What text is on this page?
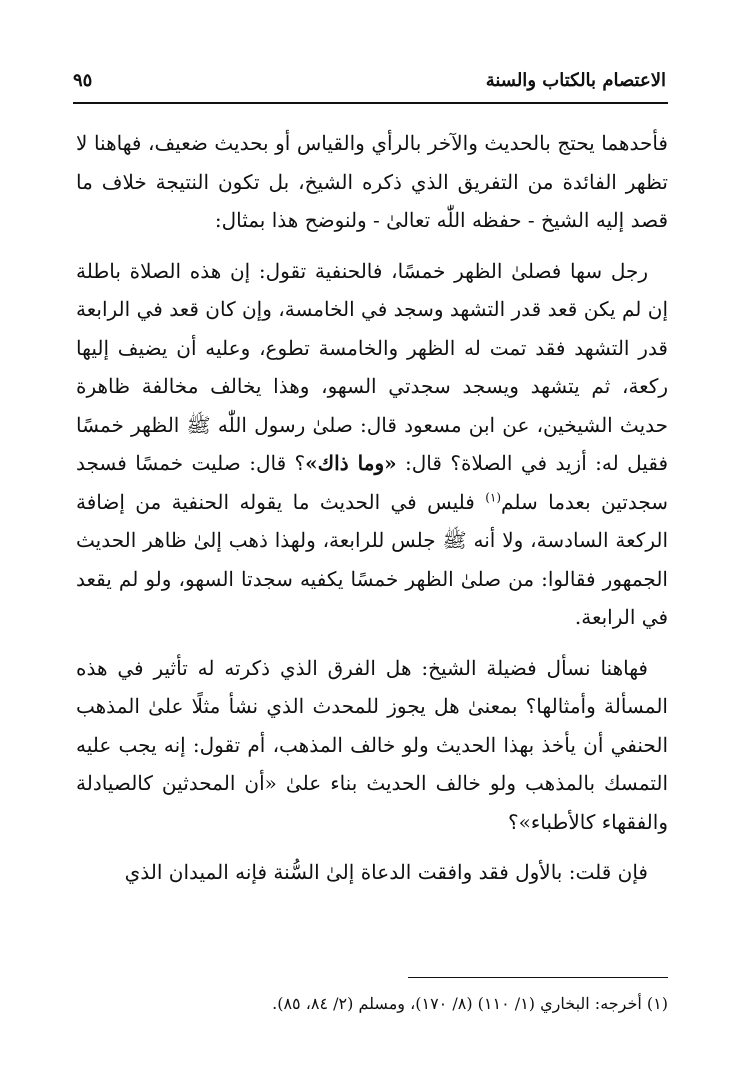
الاعتصام بالكتاب والسنة
٩٥

فأحدهما يحتج بالحديث والآخر بالرأي والقياس أو بحديث ضعيف، فهاهنا لا تظهر الفائدة من التفريق الذي ذكره الشيخ، بل تكون النتيجة خلاف ما قصد إليه الشيخ - حفظه اللّٰه تعالىٰ - ولنوضح هذا بمثال:

رجل سها فصلىٰ الظهر خمسًا، فالحنفية تقول: إن هذه الصلاة باطلة إن لم يكن قعد قدر التشهد وسجد في الخامسة، وإن كان قعد في الرابعة قدر التشهد فقد تمت له الظهر والخامسة تطوع، وعليه أن يضيف إليها ركعة، ثم يتشهد ويسجد سجدتي السهو، وهذا يخالف مخالفة ظاهرة حديث الشيخين، عن ابن مسعود قال: صلىٰ رسول اللّٰه ﷺ الظهر خمسًا فقيل له: أزيد في الصلاة؟ قال: «وما ذاك»؟ قال: صليت خمسًا فسجد سجدتين بعدما سلم$^{(١)}$ فليس في الحديث ما يقوله الحنفية من إضافة الركعة السادسة، ولا أنه ﷺ جلس للرابعة، ولهذا ذهب إلىٰ ظاهر الحديث الجمهور فقالوا: من صلىٰ الظهر خمسًا يكفيه سجدتا السهو، ولو لم يقعد في الرابعة.

فهاهنا نسأل فضيلة الشيخ: هل الفرق الذي ذكرته له تأثير في هذه المسألة وأمثالها؟ بمعنىٰ هل يجوز للمحدث الذي نشأ مثلًا علىٰ المذهب الحنفي أن يأخذ بهذا الحديث ولو خالف المذهب، أم تقول: إنه يجب عليه التمسك بالمذهب ولو خالف الحديث بناء علىٰ «أن المحدثين كالصيادلة والفقهاء كالأطباء»؟

فإن قلت: بالأول فقد وافقت الدعاة إلىٰ السُّنة فإنه الميدان الذي

(١) أخرجه: البخاري (١/ ١١٠) (٨/ ١٧٠)، ومسلم (٢/ ٨٤، ٨٥).
